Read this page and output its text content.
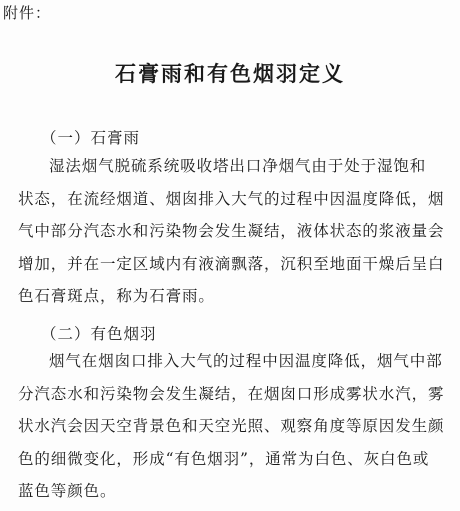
附件：
石膏雨和有色烟羽定义
（一）石膏雨
湿法烟气脱硫系统吸收塔出口净烟气由于处于湿饱和
状态，在流经烟道、烟囱排入大气的过程中因温度降低，烟
气中部分汽态水和污染物会发生凝结，液体状态的浆液量会
增加，并在一定区域内有液滴飘落，沉积至地面干燥后呈白
色石膏斑点，称为石膏雨。
（二）有色烟羽
烟气在烟囱口排入大气的过程中因温度降低，烟气中部
分汽态水和污染物会发生凝结，在烟囱口形成雾状水汽，雾
状水汽会因天空背景色和天空光照、观察角度等原因发生颜
色的细微变化，形成“有色烟羽”，通常为白色、灰白色或
蓝色等颜色。
